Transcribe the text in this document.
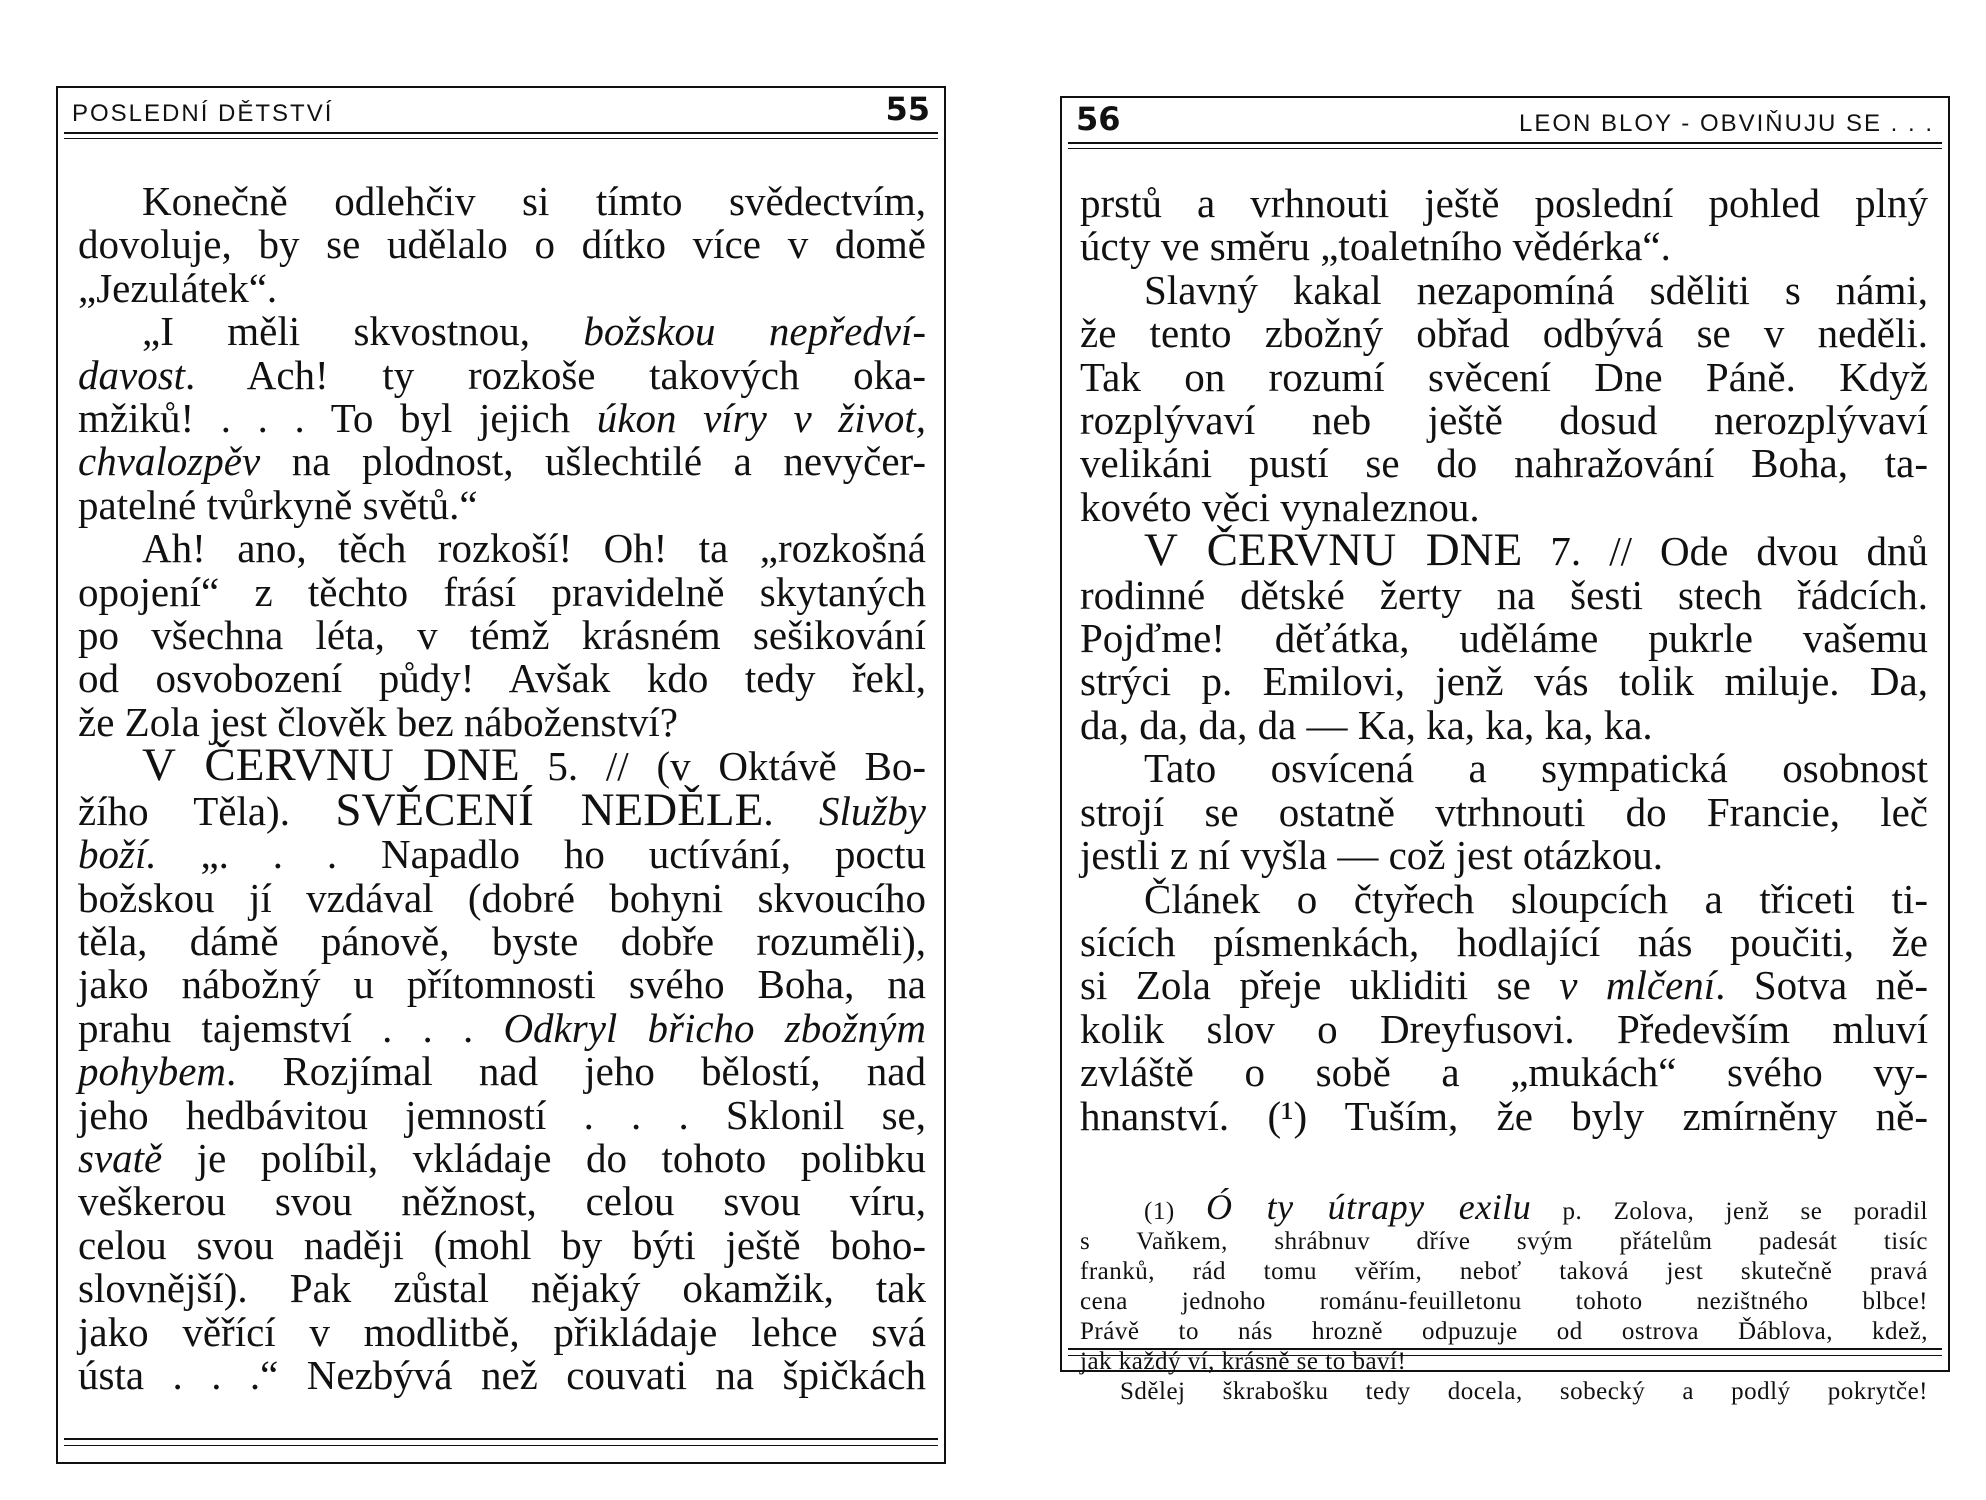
POSLEDNÍ DĚTSTVÍ	55
Konečně odlehčiv si tímto svědectvím,
dovoluje, by se udělalo o dítko více v domě
„Jezulátek“.
„I měli skvostnou, božskou nepředví-
davost. Ach! ty rozkoše takových oka-
mžiků! . . . To byl jejich úkon víry v život,
chvalozpěv na plodnost, ušlechtilé a nevyčer-
patelné tvůrkyně světů.“
Ah! ano, těch rozkoší! Oh! ta „rozkošná
opojení“ z těchto frásí pravidelně skytaných
po všechna léta, v témž krásném sešikování
od osvobození půdy! Avšak kdo tedy řekl,
že Zola jest člověk bez náboženství?
V ČERVNU DNE 5. // (v Oktávě Bo-
žího Těla). SVĚCENÍ NEDĚLE. Služby
boží. „. . . Napadlo ho uctívání, poctu
božskou jí vzdával (dobré bohyni skvoucího
těla, dámě pánově, byste dobře rozuměli),
jako nábožný u přítomnosti svého Boha, na
prahu tajemství . . . Odkryl břicho zbožným
pohybem. Rozjímal nad jeho bělostí, nad
jeho hedbávitou jemností . . . Sklonil se,
svatě je políbil, vkládaje do tohoto polibku
veškerou svou něžnost, celou svou víru,
celou svou naději (mohl by býti ještě boho-
slovnější). Pak zůstal nějaký okamžik, tak
jako věřící v modlitbě, přikládaje lehce svá
ústa . . .“ Nezbývá než couvati na špičkách
56	LEON BLOY - OBVIŇUJU SE . . .
prstů a vrhnouti ještě poslední pohled plný
úcty ve směru „toaletního vědérka“.
Slavný kakal nezapomíná sděliti s námi,
že tento zbožný obřad odbývá se v neděli.
Tak on rozumí svěcení Dne Páně. Když
rozplývaví neb ještě dosud nerozplývaví
velikáni pustí se do nahražování Boha, ta-
kovéto věci vynaleznou.
V ČERVNU DNE 7. // Ode dvou dnů
rodinné dětské žerty na šesti stech řádcích.
Pojďme! děťátka, uděláme pukrle vašemu
strýci p. Emilovi, jenž vás tolik miluje. Da,
da, da, da, da — Ka, ka, ka, ka, ka.
Tato osvícená a sympatická osobnost
strojí se ostatně vtrhnouti do Francie, leč
jestli z ní vyšla — což jest otázkou.
Článek o čtyřech sloupcích a třiceti ti-
sících písmenkách, hodlající nás poučiti, že
si Zola přeje ukliditi se v mlčení. Sotva ně-
kolik slov o Dreyfusovi. Především mluví
zvláště o sobě a „mukách“ svého vy-
hnanství. (¹) Tuším, že byly zmírněny ně-
(1) Ó ty útrapy exilu p. Zolova, jenž se poradil
s Vaňkem, shrábnuv dříve svým přátelům padesát tisíc
franků, rád tomu věřím, neboť taková jest skutečně pravá
cena jednoho románu-feuilletonu tohoto nezištného blbce!
Právě to nás hrozně odpuzuje od ostrova Ďáblova, kdež,
jak každý ví, krásně se to baví!
Sdělej škrabošku tedy docela, sobecký a podlý pokrytče!
